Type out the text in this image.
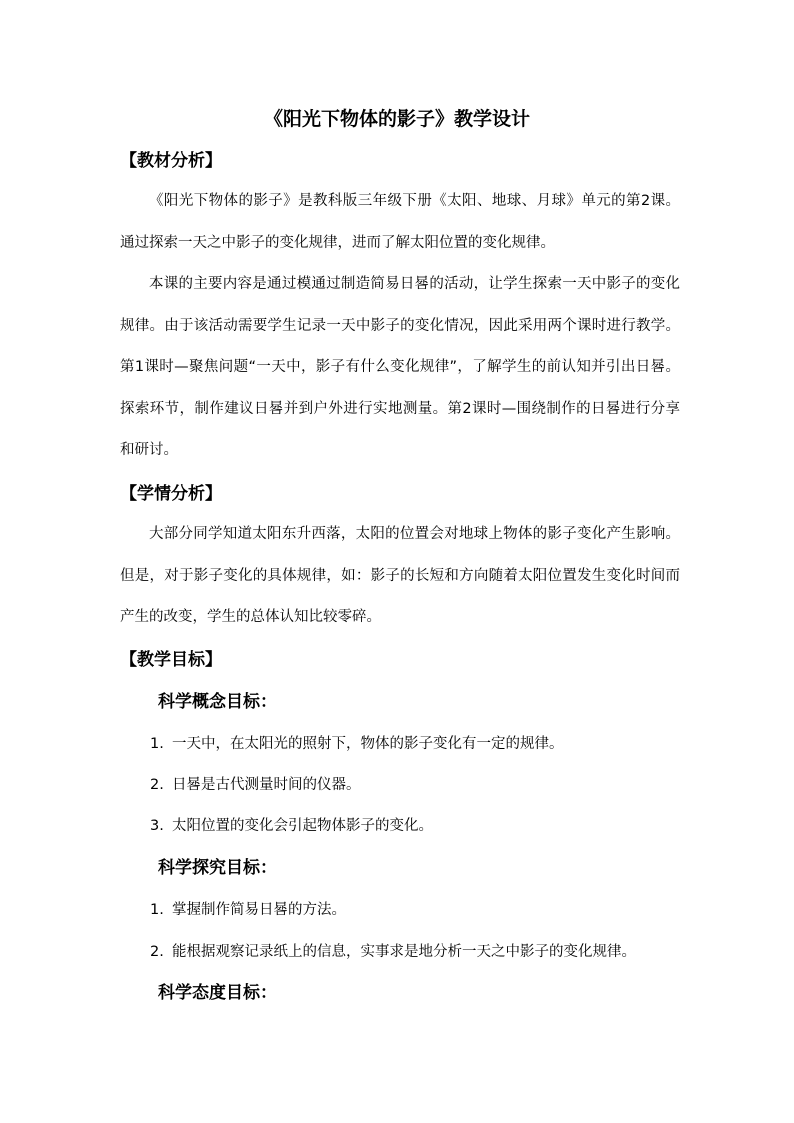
《阳光下物体的影子》教学设计
【教材分析】

《阳光下物体的影子》是教科版三年级下册《太阳、地球、月球》单元的第2课。通过探索一天之中影子的变化规律，进而了解太阳位置的变化规律。

本课的主要内容是通过模通过制造简易日晷的活动，让学生探索一天中影子的变化规律。由于该活动需要学生记录一天中影子的变化情况，因此采用两个课时进行教学。第1课时—聚焦问题“一天中，影子有什么变化规律”，了解学生的前认知并引出日晷。探索环节，制作建议日晷并到户外进行实地测量。第2课时—围绕制作的日晷进行分享和研讨。

【学情分析】

大部分同学知道太阳东升西落，太阳的位置会对地球上物体的影子变化产生影响。但是，对于影子变化的具体规律，如：影子的长短和方向随着太阳位置发生变化时间而产生的改变，学生的总体认知比较零碎。

【教学目标】
科学概念目标：
1. 一天中，在太阳光的照射下，物体的影子变化有一定的规律。
2. 日晷是古代测量时间的仪器。
3. 太阳位置的变化会引起物体影子的变化。
科学探究目标：
1. 掌握制作简易日晷的方法。
2. 能根据观察记录纸上的信息，实事求是地分析一天之中影子的变化规律。
科学态度目标：
